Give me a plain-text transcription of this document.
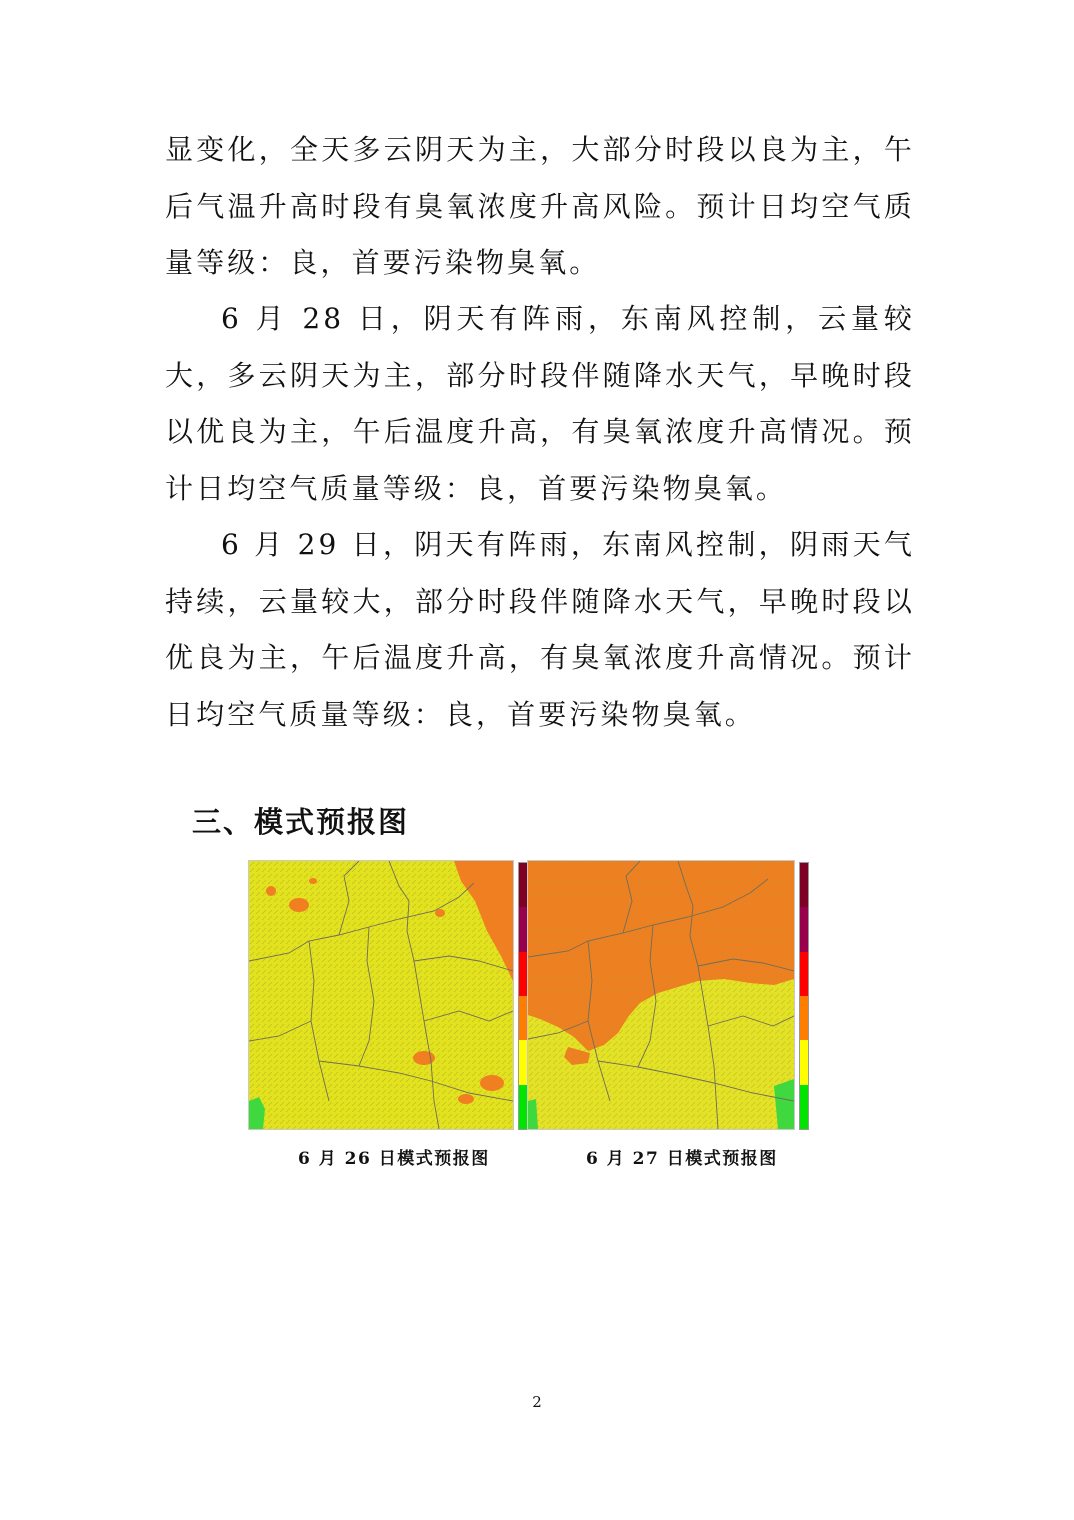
显变化，全天多云阴天为主，大部分时段以良为主，午后气温升高时段有臭氧浓度升高风险。预计日均空气质量等级：良，首要污染物臭氧。

6 月 28 日，阴天有阵雨，东南风控制，云量较大，多云阴天为主，部分时段伴随降水天气，早晚时段以优良为主，午后温度升高，有臭氧浓度升高情况。预计日均空气质量等级：良，首要污染物臭氧。

6 月 29 日，阴天有阵雨，东南风控制，阴雨天气持续，云量较大，部分时段伴随降水天气，早晚时段以优良为主，午后温度升高，有臭氧浓度升高情况。预计日均空气质量等级：良，首要污染物臭氧。

三、模式预报图

6 月 26 日模式预报图	6 月 27 日模式预报图

2
